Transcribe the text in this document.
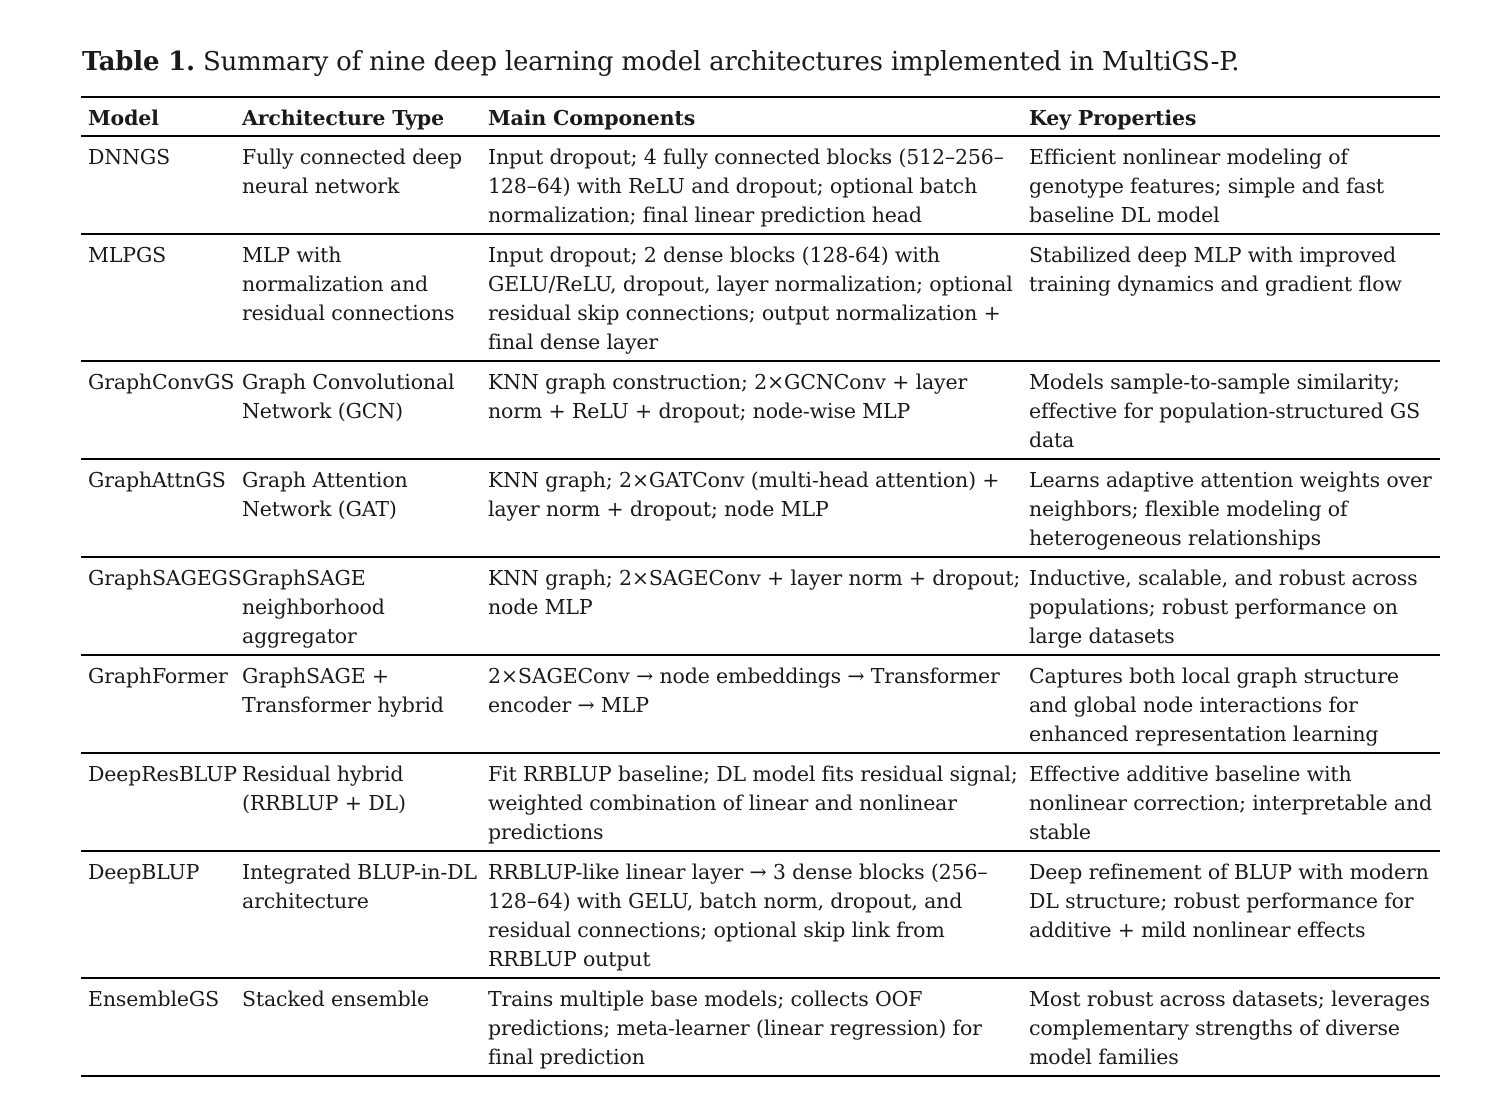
Table 1. Summary of nine deep learning model architectures implemented in MultiGS-P.
Model	Architecture Type	Main Components	Key Properties
DNNGS	Fully connected deep neural network	Input dropout; 4 fully connected blocks (512–256–128–64) with ReLU and dropout; optional batch normalization; final linear prediction head	Efficient nonlinear modeling of genotype features; simple and fast baseline DL model
MLPGS	MLP with normalization and residual connections	Input dropout; 2 dense blocks (128-64) with GELU/ReLU, dropout, layer normalization; optional residual skip connections; output normalization + final dense layer	Stabilized deep MLP with improved training dynamics and gradient flow
GraphConvGS	Graph Convolutional Network (GCN)	KNN graph construction; 2×GCNConv + layer norm + ReLU + dropout; node-wise MLP	Models sample-to-sample similarity; effective for population-structured GS data
GraphAttnGS	Graph Attention Network (GAT)	KNN graph; 2×GATConv (multi-head attention) + layer norm + dropout; node MLP	Learns adaptive attention weights over neighbors; flexible modeling of heterogeneous relationships
GraphSAGEGS	GraphSAGE neighborhood aggregator	KNN graph; 2×SAGEConv + layer norm + dropout; node MLP	Inductive, scalable, and robust across populations; robust performance on large datasets
GraphFormer	GraphSAGE + Transformer hybrid	2×SAGEConv → node embeddings → Transformer encoder → MLP	Captures both local graph structure and global node interactions for enhanced representation learning
DeepResBLUP	Residual hybrid (RRBLUP + DL)	Fit RRBLUP baseline; DL model fits residual signal; weighted combination of linear and nonlinear predictions	Effective additive baseline with nonlinear correction; interpretable and stable
DeepBLUP	Integrated BLUP-in-DL architecture	RRBLUP-like linear layer → 3 dense blocks (256–128–64) with GELU, batch norm, dropout, and residual connections; optional skip link from RRBLUP output	Deep refinement of BLUP with modern DL structure; robust performance for additive + mild nonlinear effects
EnsembleGS	Stacked ensemble	Trains multiple base models; collects OOF predictions; meta-learner (linear regression) for final prediction	Most robust across datasets; leverages complementary strengths of diverse model families
